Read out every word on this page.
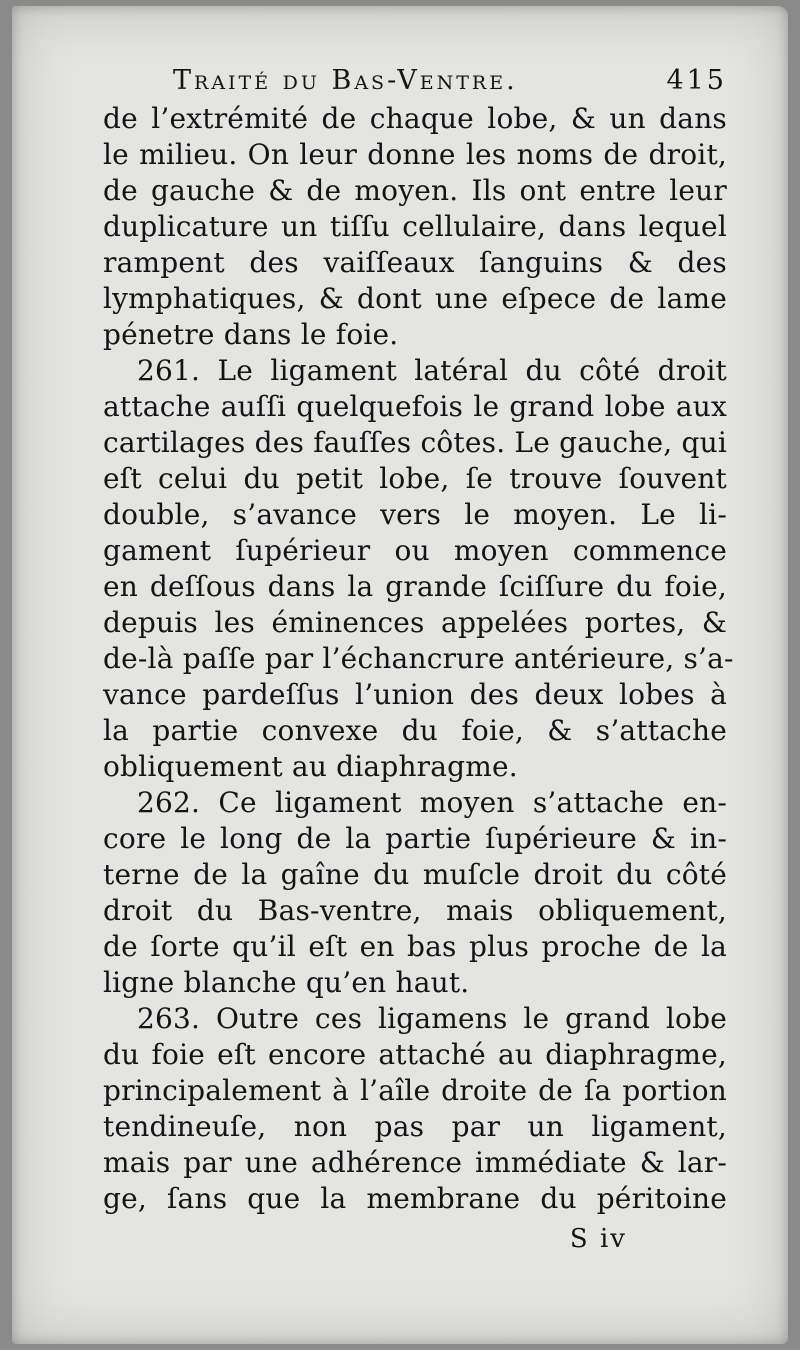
Traité du Bas-Ventre.	415
de l’extrémité de chaque lobe, & un dans
le milieu. On leur donne les noms de droit,
de gauche & de moyen. Ils ont entre leur
duplicature un tiſſu cellulaire, dans lequel
rampent des vaiſſeaux ſanguins & des
lymphatiques, & dont une eſpece de lame
pénetre dans le foie.
261. Le ligament latéral du côté droit
attache auſſi quelquefois le grand lobe aux
cartilages des fauſſes côtes. Le gauche, qui
eſt celui du petit lobe, ſe trouve ſouvent
double, s’avance vers le moyen. Le li-
gament ſupérieur ou moyen commence
en deſſous dans la grande ſciſſure du foie,
depuis les éminences appelées portes, &
de-là paſſe par l’échancrure antérieure, s’a-
vance pardeſſus l’union des deux lobes à
la partie convexe du foie, & s’attache
obliquement au diaphragme.
262. Ce ligament moyen s’attache en-
core le long de la partie ſupérieure & in-
terne de la gaîne du muſcle droit du côté
droit du Bas-ventre, mais obliquement,
de ſorte qu’il eſt en bas plus proche de la
ligne blanche qu’en haut.
263. Outre ces ligamens le grand lobe
du foie eſt encore attaché au diaphragme,
principalement à l’aîle droite de ſa portion
tendineuſe, non pas par un ligament,
mais par une adhérence immédiate & lar-
ge, ſans que la membrane du péritoine
S iv
